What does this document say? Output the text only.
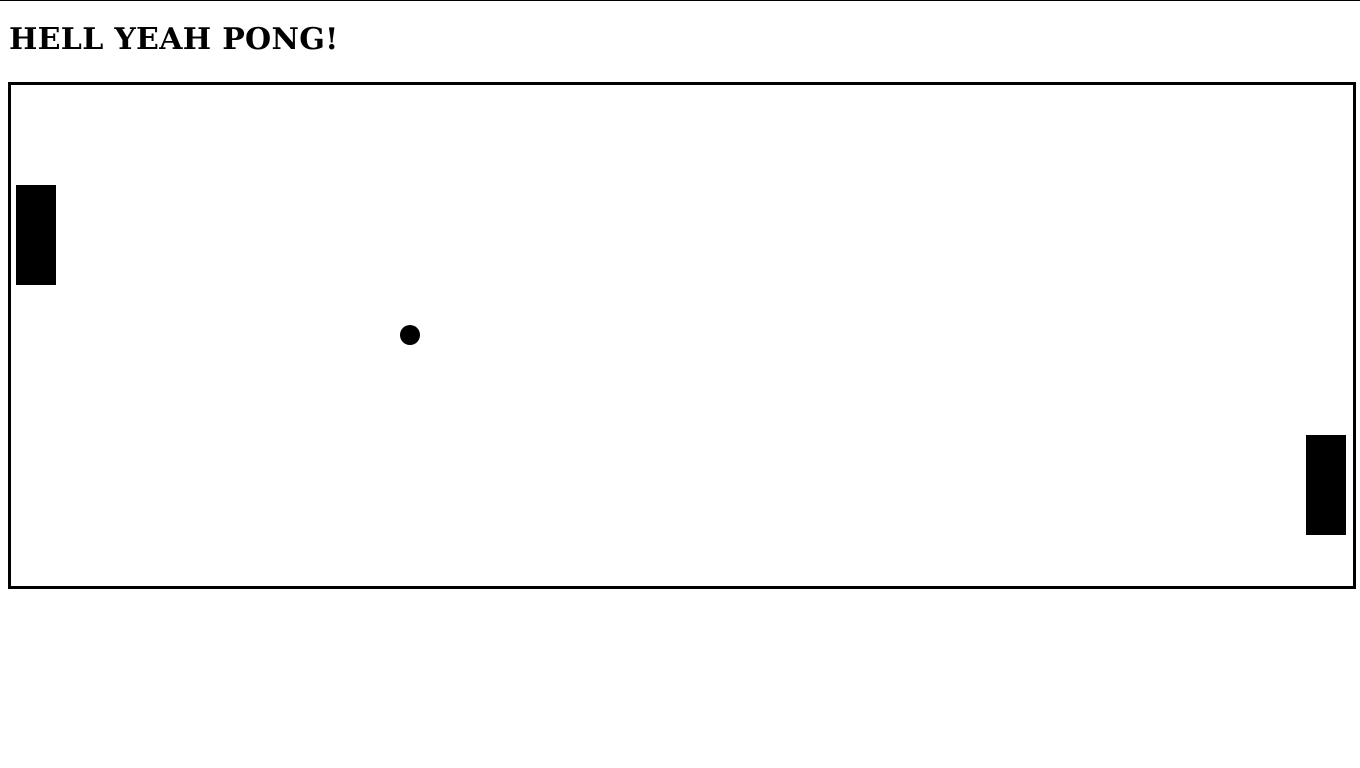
HELL YEAH PONG!
